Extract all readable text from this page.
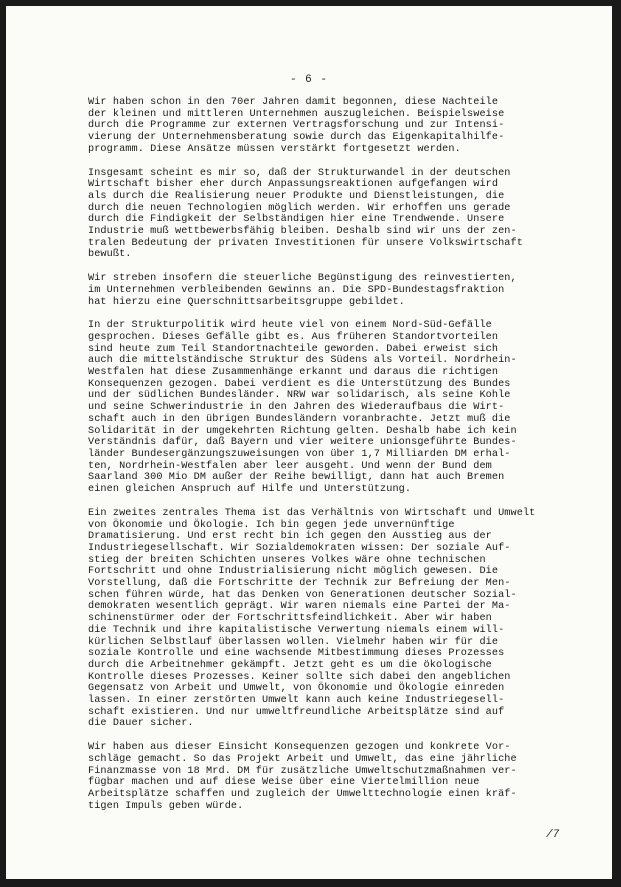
- 6 -

Wir haben schon in den 70er Jahren damit begonnen, diese Nachteile
der kleinen und mittleren Unternehmen auszugleichen. Beispielsweise
durch die Programme zur externen Vertragsforschung und zur Intensi-
vierung der Unternehmensberatung sowie durch das Eigenkapitalhilfe-
programm. Diese Ansätze müssen verstärkt fortgesetzt werden.

Insgesamt scheint es mir so, daß der Strukturwandel in der deutschen
Wirtschaft bisher eher durch Anpassungsreaktionen aufgefangen wird
als durch die Realisierung neuer Produkte und Dienstleistungen, die
durch die neuen Technologien möglich werden. Wir erhoffen uns gerade
durch die Findigkeit der Selbständigen hier eine Trendwende. Unsere
Industrie muß wettbewerbsfähig bleiben. Deshalb sind wir uns der zen-
tralen Bedeutung der privaten Investitionen für unsere Volkswirtschaft
bewußt.

Wir streben insofern die steuerliche Begünstigung des reinvestierten,
im Unternehmen verbleibenden Gewinns an. Die SPD-Bundestagsfraktion
hat hierzu eine Querschnittsarbeitsgruppe gebildet.

In der Strukturpolitik wird heute viel von einem Nord-Süd-Gefälle
gesprochen. Dieses Gefälle gibt es. Aus früheren Standortvorteilen
sind heute zum Teil Standortnachteile geworden. Dabei erweist sich
auch die mittelständische Struktur des Südens als Vorteil. Nordrhein-
Westfalen hat diese Zusammenhänge erkannt und daraus die richtigen
Konsequenzen gezogen. Dabei verdient es die Unterstützung des Bundes
und der südlichen Bundesländer. NRW war solidarisch, als seine Kohle
und seine Schwerindustrie in den Jahren des Wiederaufbaus die Wirt-
schaft auch in den übrigen Bundesländern voranbrachte. Jetzt muß die
Solidarität in der umgekehrten Richtung gelten. Deshalb habe ich kein
Verständnis dafür, daß Bayern und vier weitere unionsgeführte Bundes-
länder Bundesergänzungszuweisungen von über 1,7 Milliarden DM erhal-
ten, Nordrhein-Westfalen aber leer ausgeht. Und wenn der Bund dem
Saarland 300 Mio DM außer der Reihe bewilligt, dann hat auch Bremen
einen gleichen Anspruch auf Hilfe und Unterstützung.

Ein zweites zentrales Thema ist das Verhältnis von Wirtschaft und Umwelt
von Ökonomie und Ökologie. Ich bin gegen jede unvernünftige
Dramatisierung. Und erst recht bin ich gegen den Ausstieg aus der
Industriegesellschaft. Wir Sozialdemokraten wissen: Der soziale Auf-
stieg der breiten Schichten unseres Volkes wäre ohne technischen
Fortschritt und ohne Industrialisierung nicht möglich gewesen. Die
Vorstellung, daß die Fortschritte der Technik zur Befreiung der Men-
schen führen würde, hat das Denken von Generationen deutscher Sozial-
demokraten wesentlich geprägt. Wir waren niemals eine Partei der Ma-
schinenstürmer oder der Fortschrittsfeindlichkeit. Aber wir haben
die Technik und ihre kapitalistische Verwertung niemals einem will-
kürlichen Selbstlauf überlassen wollen. Vielmehr haben wir für die
soziale Kontrolle und eine wachsende Mitbestimmung dieses Prozesses
durch die Arbeitnehmer gekämpft. Jetzt geht es um die ökologische
Kontrolle dieses Prozesses. Keiner sollte sich dabei den angeblichen
Gegensatz von Arbeit und Umwelt, von Ökonomie und Ökologie einreden
lassen. In einer zerstörten Umwelt kann auch keine Industriegesell-
schaft existieren. Und nur umweltfreundliche Arbeitsplätze sind auf
die Dauer sicher.

Wir haben aus dieser Einsicht Konsequenzen gezogen und konkrete Vor-
schläge gemacht. So das Projekt Arbeit und Umwelt, das eine jährliche
Finanzmasse von 18 Mrd. DM für zusätzliche Umweltschutzmaßnahmen ver-
fügbar machen und auf diese Weise über eine Viertelmillion neue
Arbeitsplätze schaffen und zugleich der Umwelttechnologie einen kräf-
tigen Impuls geben würde.

/7
